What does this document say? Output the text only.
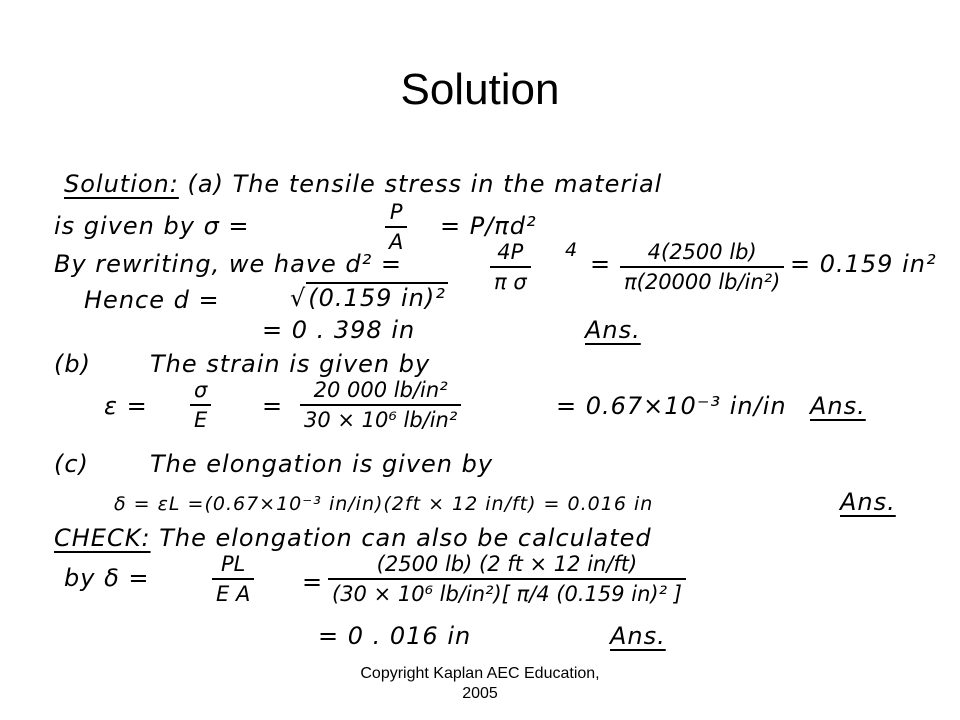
Solution
Solution: (a) The tensile stress in the material
is given by σ =	P
A
= P/πd²
4
By rewriting, we have d² =	4P
π σ
= 4(2500 lb)
π(20000 lb/in²)
= 0.159 in²
Hence d =	√(0.159 in)²
= 0 . 398 in	Ans.
(b) The strain is given by
ε =
σ
E =
20 000 lb/in²
30 × 10⁶ lb/in²	= 0.67×10⁻³ in/in Ans.
(c)	The elongation is given by
δ = εL =(0.67×10⁻³ in/in)(2ft × 12 in/ft) = 0.016 in	Ans.
CHECK: The elongation can also be calculated
by δ =	PL
E A =
(2500 lb) (2 ft × 12 in/ft)
(30 × 10⁶ lb/in²)[ π/4 (0.159 in)² ]
= 0 . 016 in	Ans.
Copyright Kaplan AEC Education,
2005
